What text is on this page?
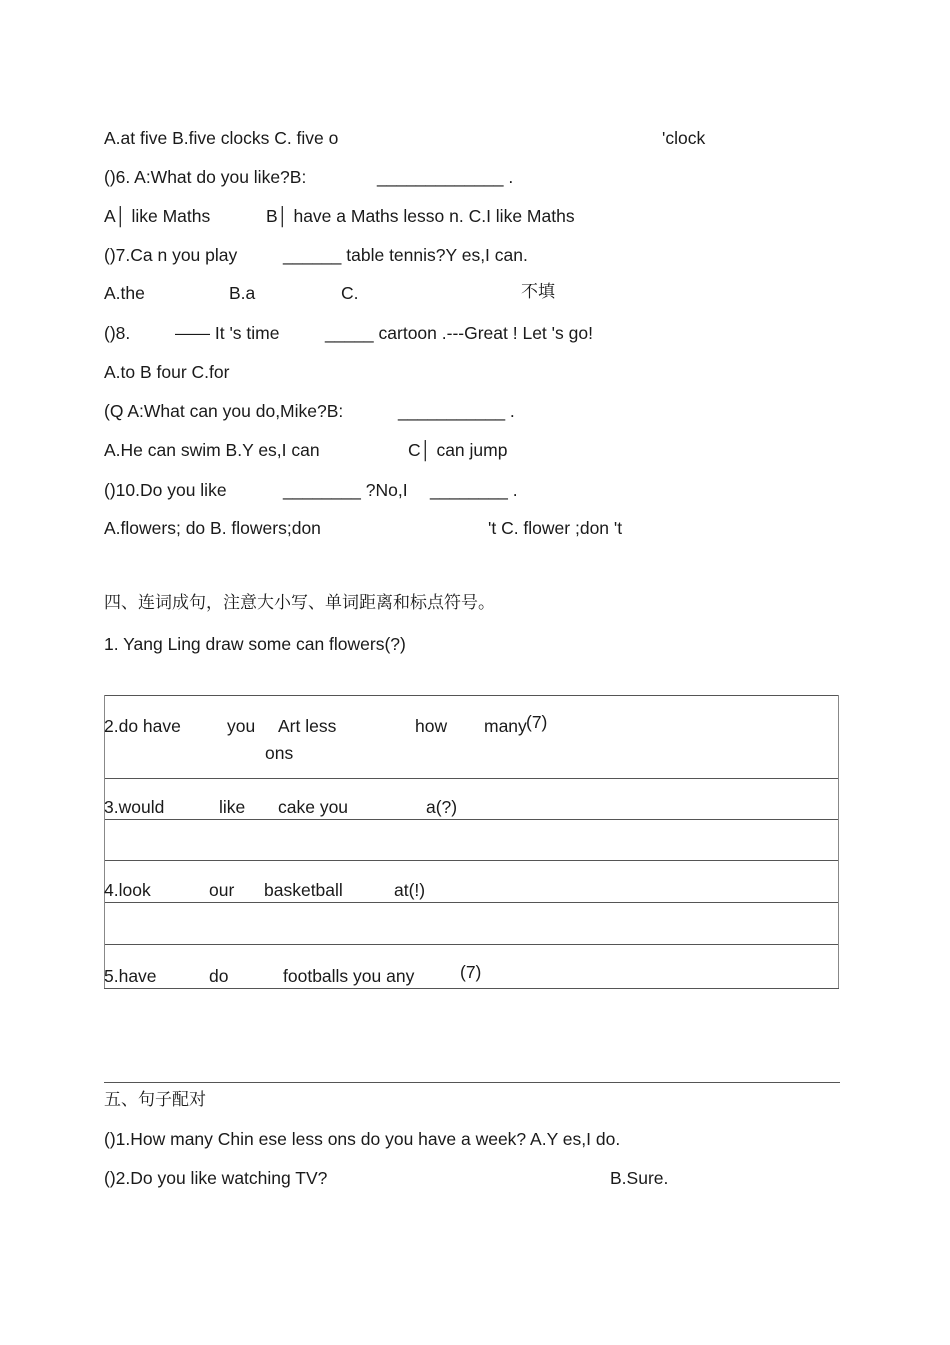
A.at five B.five clocks C. five o	'clock
()6. A:What do you like?B:	_____________ .
A│ like Maths	B│ have a Maths lesso n. C.I like Maths
()7.Ca n you play	______ table tennis?Y es,I can.
A.the	B.a	C.	不填
()8.	—— It 's time	_____ cartoon .---Great ! Let 's go!
A.to B four C.for
(Q A:What can you do,Mike?B:	___________ .
A.He can swim B.Y es,I can	C│ can jump
()10.Do you like	________ ?No,I ________ .
A.flowers; do B. flowers;don	't C. flower ;don 't
四、连词成句，注意大小写、单词距离和标点符号。
1. Yang Ling draw some can flowers(?)
2.do have	you Art less
ons
how many (7)
3.would	like cake you	a(?)
4.look	our basketball	at(!)
5.have	do	footballs you any	(7)
五、句子配对
()1.How many Chin ese less ons do you have a week? A.Y es,I do.
()2.Do you like watching TV?	B.Sure.
